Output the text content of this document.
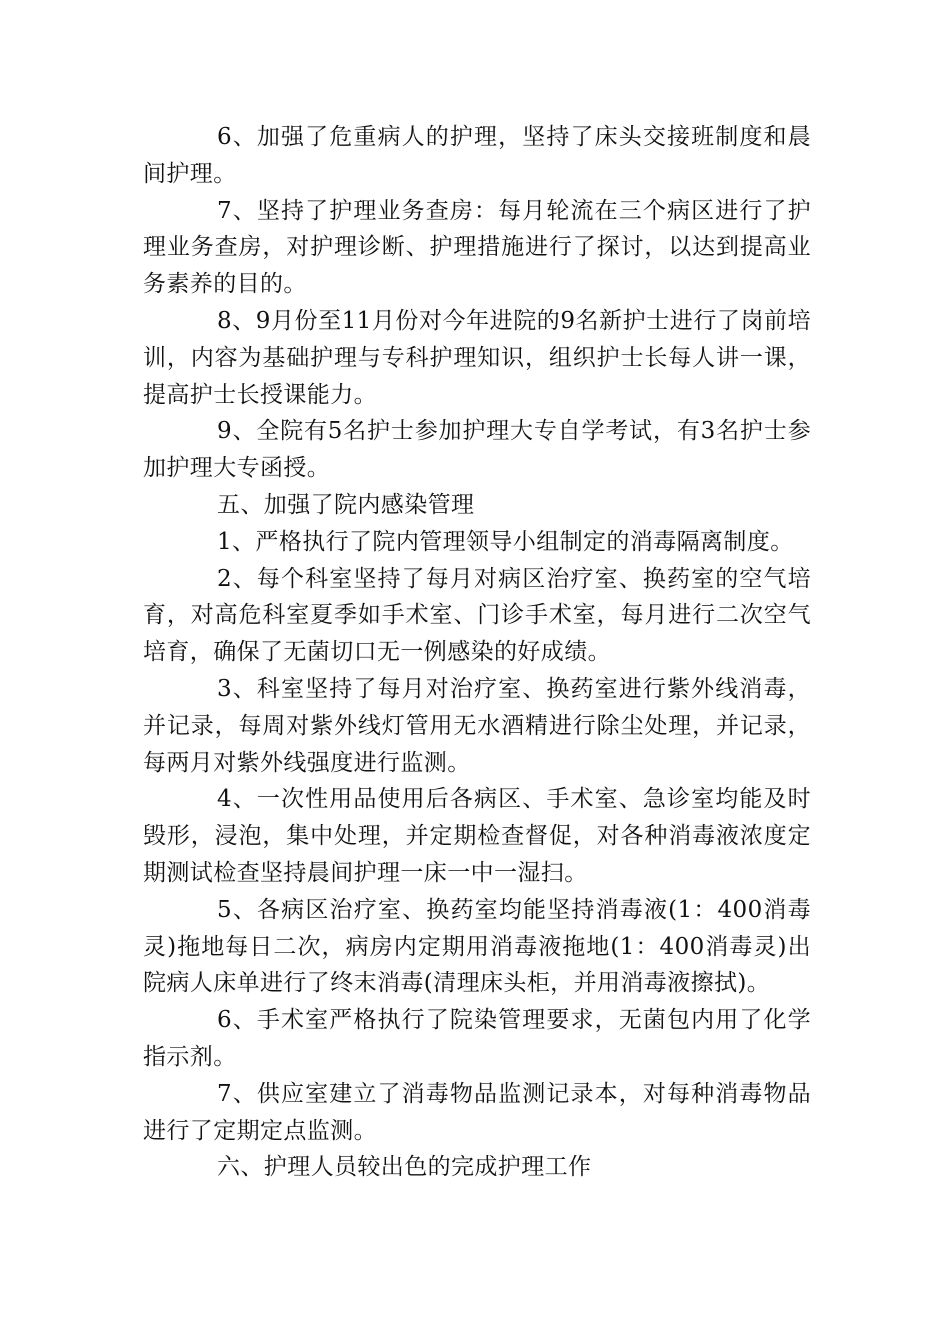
6、加强了危重病人的护理，坚持了床头交接班制度和晨间护理。

7、坚持了护理业务查房：每月轮流在三个病区进行了护理业务查房，对护理诊断、护理措施进行了探讨，以达到提高业务素养的目的。

8、9月份至11月份对今年进院的9名新护士进行了岗前培训，内容为基础护理与专科护理知识，组织护士长每人讲一课，提高护士长授课能力。

9、全院有5名护士参加护理大专自学考试，有3名护士参加护理大专函授。

五、加强了院内感染管理

1、严格执行了院内管理领导小组制定的消毒隔离制度。

2、每个科室坚持了每月对病区治疗室、换药室的空气培育，对高危科室夏季如手术室、门诊手术室，每月进行二次空气培育，确保了无菌切口无一例感染的好成绩。

3、科室坚持了每月对治疗室、换药室进行紫外线消毒，并记录，每周对紫外线灯管用无水酒精进行除尘处理，并记录，每两月对紫外线强度进行监测。

4、一次性用品使用后各病区、手术室、急诊室均能及时毁形，浸泡，集中处理，并定期检查督促，对各种消毒液浓度定期测试检查坚持晨间护理一床一中一湿扫。

5、各病区治疗室、换药室均能坚持消毒液(1：400消毒灵)拖地每日二次，病房内定期用消毒液拖地(1：400消毒灵)出院病人床单进行了终末消毒(清理床头柜，并用消毒液擦拭)。

6、手术室严格执行了院染管理要求，无菌包内用了化学指示剂。

7、供应室建立了消毒物品监测记录本，对每种消毒物品进行了定期定点监测。

六、护理人员较出色的完成护理工作
